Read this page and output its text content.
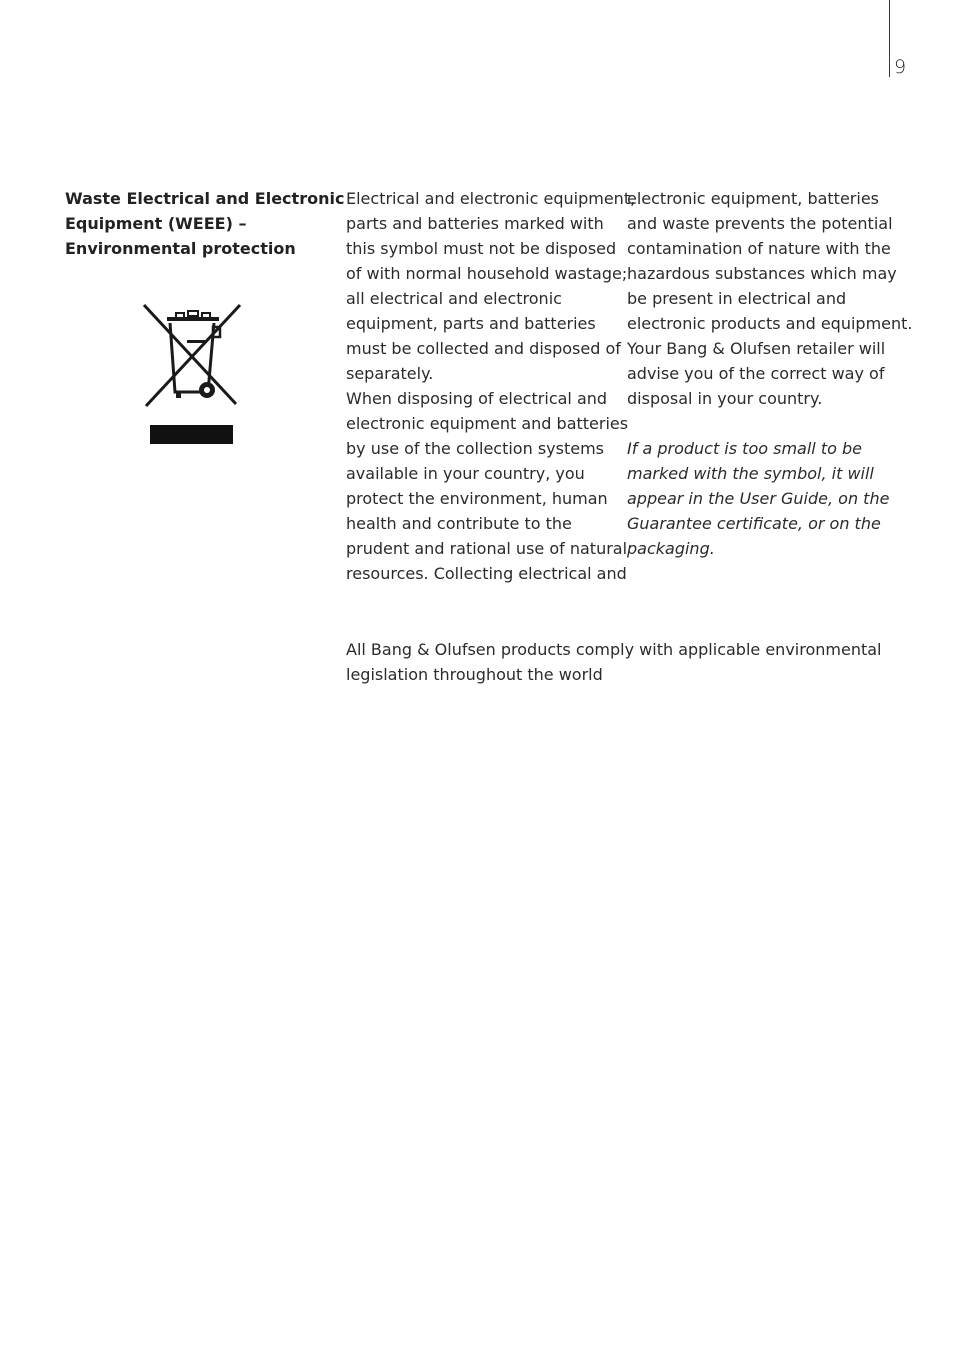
9
Waste Electrical and Electronic
Equipment (WEEE) –
Environmental protection

Electrical and electronic equipment,
parts and batteries marked with
this symbol must not be disposed
of with normal household wastage;
all electrical and electronic
equipment, parts and batteries
must be collected and disposed of
separately.
When disposing of electrical and
electronic equipment and batteries
by use of the collection systems
available in your country, you
protect the environment, human
health and contribute to the
prudent and rational use of natural
resources. Collecting electrical and

electronic equipment, batteries
and waste prevents the potential
contamination of nature with the
hazardous substances which may
be present in electrical and
electronic products and equipment.
Your Bang & Olufsen retailer will
advise you of the correct way of
disposal in your country.

If a product is too small to be
marked with the symbol, it will
appear in the User Guide, on the
Guarantee certificate, or on the
packaging.

All Bang & Olufsen products comply with applicable environmental
legislation throughout the world
